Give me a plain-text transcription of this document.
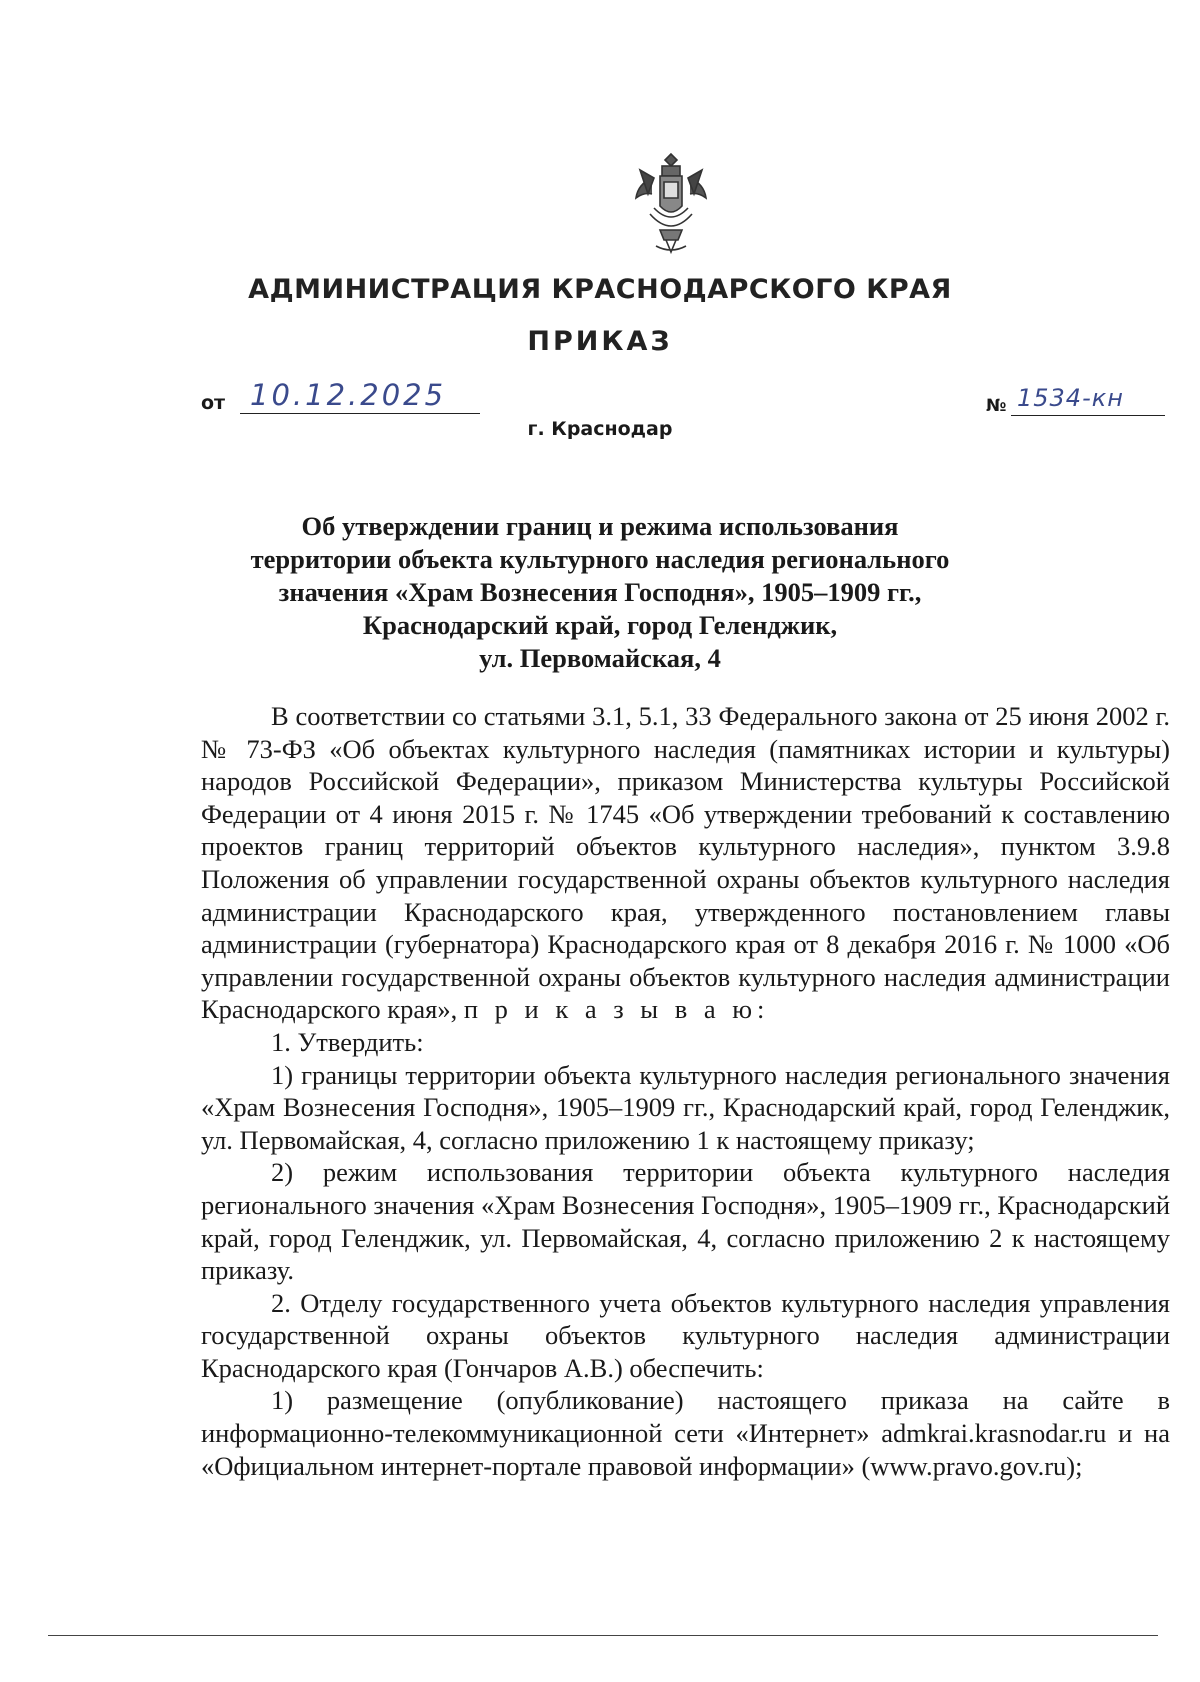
АДМИНИСТРАЦИЯ КРАСНОДАРСКОГО КРАЯ
ПРИКАЗ
от 10.12.2025
г. Краснодар
№ 1534-кн
Об утверждении границ и режима использования
территории объекта культурного наследия регионального
значения «Храм Вознесения Господня», 1905–1909 гг.,
Краснодарский край, город Геленджик,
ул. Первомайская, 4

В соответствии со статьями 3.1, 5.1, 33 Федерального закона от 25 июня 2002 г. № 73-ФЗ «Об объектах культурного наследия (памятниках истории и культуры) народов Российской Федерации», приказом Министерства культуры Российской Федерации от 4 июня 2015 г. № 1745 «Об утверждении требований к составлению проектов границ территорий объектов культурного наследия», пунктом 3.9.8 Положения об управлении государственной охраны объектов культурного наследия администрации Краснодарского края, утвержденного постановлением главы администрации (губернатора) Краснодарского края от 8 декабря 2016 г. № 1000 «Об управлении государственной охраны объектов культурного наследия администрации Краснодарского края», п р и к а з ы в а ю:

1. Утвердить:

1) границы территории объекта культурного наследия регионального значения «Храм Вознесения Господня», 1905–1909 гг., Краснодарский край, город Геленджик, ул. Первомайская, 4, согласно приложению 1 к настоящему приказу;

2) режим использования территории объекта культурного наследия регионального значения «Храм Вознесения Господня», 1905–1909 гг., Краснодарский край, город Геленджик, ул. Первомайская, 4, согласно приложению 2 к настоящему приказу.

2. Отделу государственного учета объектов культурного наследия управления государственной охраны объектов культурного наследия администрации Краснодарского края (Гончаров А.В.) обеспечить:

1) размещение (опубликование) настоящего приказа на сайте в информационно-телекоммуникационной сети «Интернет» admkrai.krasnodar.ru и на «Официальном интернет-портале правовой информации» (www.pravo.gov.ru);
